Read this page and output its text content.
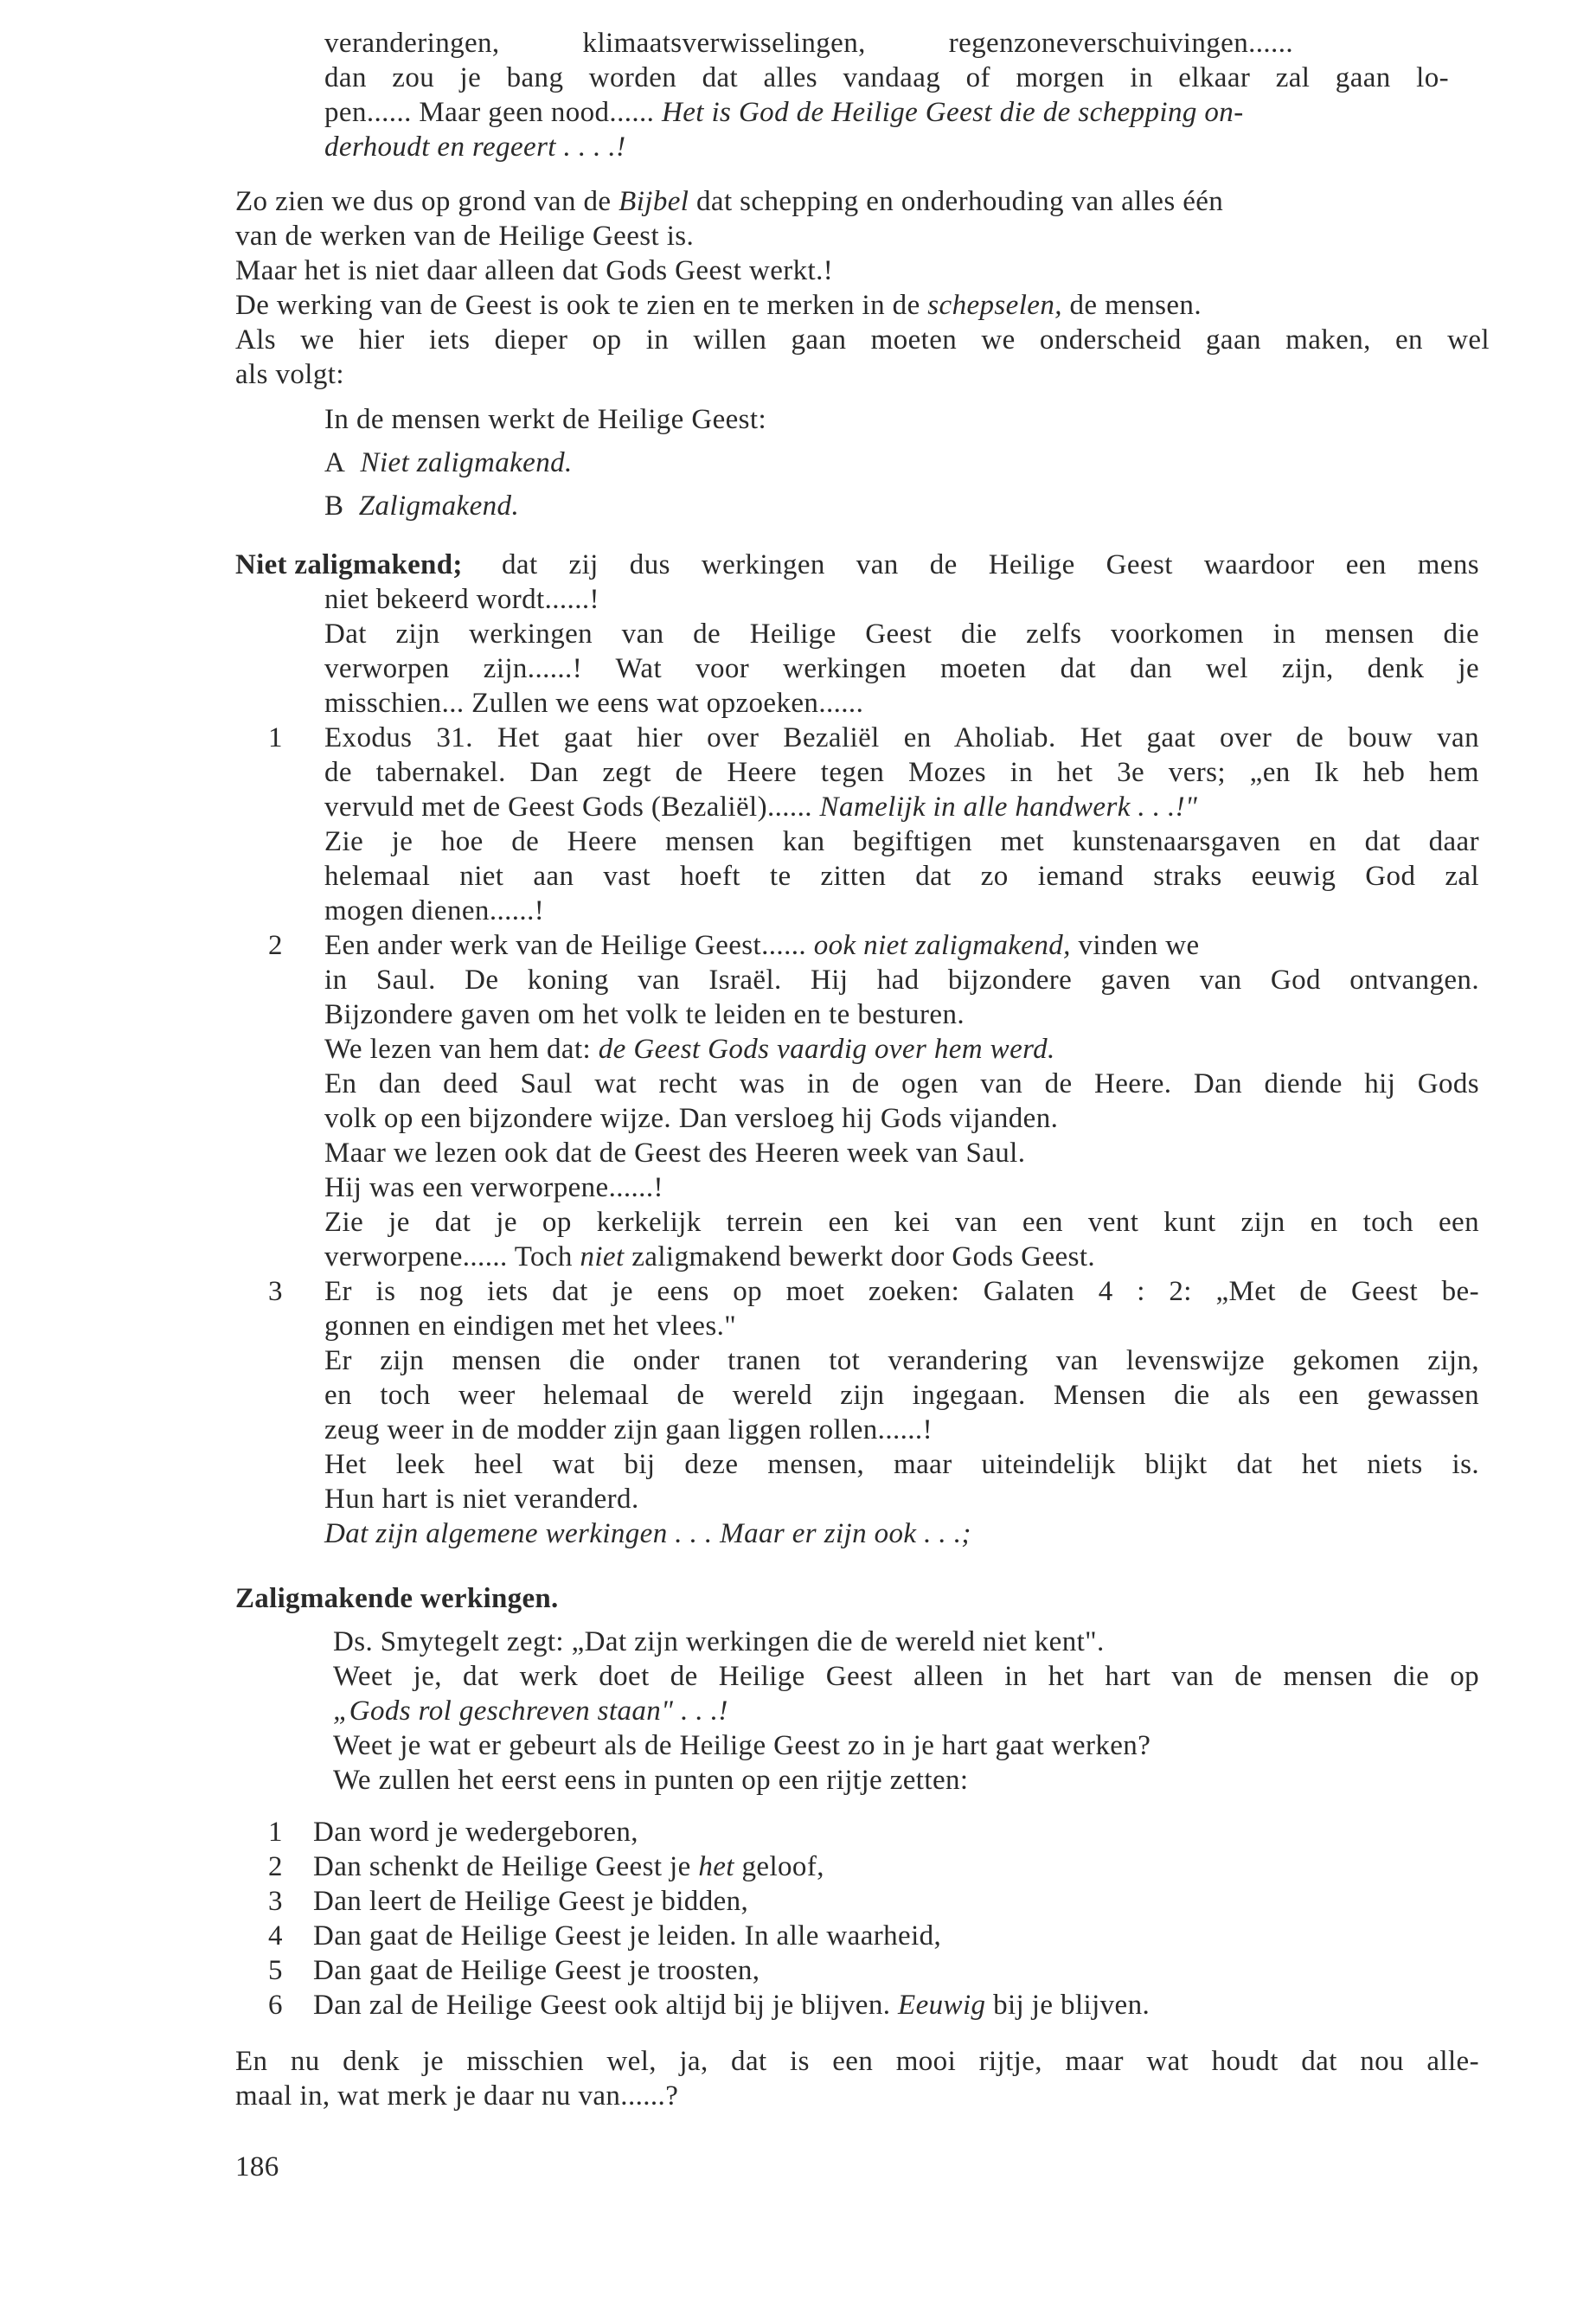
veranderingen, klimaatsverwisselingen, regenzoneverschuivingen......
dan zou je bang worden dat alles vandaag of morgen in elkaar zal gaan lo-
pen...... Maar geen nood...... Het is God de Heilige Geest die de schepping on-
derhoudt en regeert . . . .!
Zo zien we dus op grond van de Bijbel dat schepping en onderhouding van alles één
van de werken van de Heilige Geest is.
Maar het is niet daar alleen dat Gods Geest werkt.!
De werking van de Geest is ook te zien en te merken in de schepselen, de mensen.
Als we hier iets dieper op in willen gaan moeten we onderscheid gaan maken, en wel
als volgt:
In de mensen werkt de Heilige Geest:
A Niet zaligmakend.
B Zaligmakend.
Niet zaligmakend; dat zij dus werkingen van de Heilige Geest waardoor een mens
niet bekeerd wordt......!
Dat zijn werkingen van de Heilige Geest die zelfs voorkomen in mensen die
verworpen zijn......! Wat voor werkingen moeten dat dan wel zijn, denk je
misschien... Zullen we eens wat opzoeken......
1 Exodus 31. Het gaat hier over Bezaliël en Aholiab. Het gaat over de bouw van
de tabernakel. Dan zegt de Heere tegen Mozes in het 3e vers; „en Ik heb hem
vervuld met de Geest Gods (Bezaliël)...... Namelijk in alle handwerk . . .!"
Zie je hoe de Heere mensen kan begiftigen met kunstenaarsgaven en dat daar
helemaal niet aan vast hoeft te zitten dat zo iemand straks eeuwig God zal
mogen dienen......!
2 Een ander werk van de Heilige Geest...... ook niet zaligmakend, vinden we
in Saul. De koning van Israël. Hij had bijzondere gaven van God ontvangen.
Bijzondere gaven om het volk te leiden en te besturen.
We lezen van hem dat: de Geest Gods vaardig over hem werd.
En dan deed Saul wat recht was in de ogen van de Heere. Dan diende hij Gods
volk op een bijzondere wijze. Dan versloeg hij Gods vijanden.
Maar we lezen ook dat de Geest des Heeren week van Saul.
Hij was een verworpene......!
Zie je dat je op kerkelijk terrein een kei van een vent kunt zijn en toch een
verworpene...... Toch niet zaligmakend bewerkt door Gods Geest.
3 Er is nog iets dat je eens op moet zoeken: Galaten 4 : 2: „Met de Geest be-
gonnen en eindigen met het vlees."
Er zijn mensen die onder tranen tot verandering van levenswijze gekomen zijn,
en toch weer helemaal de wereld zijn ingegaan. Mensen die als een gewassen
zeug weer in de modder zijn gaan liggen rollen......!
Het leek heel wat bij deze mensen, maar uiteindelijk blijkt dat het niets is.
Hun hart is niet veranderd.
Dat zijn algemene werkingen . . . Maar er zijn ook . . .;
Zaligmakende werkingen.
Ds. Smytegelt zegt: „Dat zijn werkingen die de wereld niet kent".
Weet je, dat werk doet de Heilige Geest alleen in het hart van de mensen die op
„Gods rol geschreven staan" . . .!
Weet je wat er gebeurt als de Heilige Geest zo in je hart gaat werken?
We zullen het eerst eens in punten op een rijtje zetten:
1 Dan word je wedergeboren,
2 Dan schenkt de Heilige Geest je het geloof,
3 Dan leert de Heilige Geest je bidden,
4 Dan gaat de Heilige Geest je leiden. In alle waarheid,
5 Dan gaat de Heilige Geest je troosten,
6 Dan zal de Heilige Geest ook altijd bij je blijven. Eeuwig bij je blijven.
En nu denk je misschien wel, ja, dat is een mooi rijtje, maar wat houdt dat nou alle-
maal in, wat merk je daar nu van......?
186
